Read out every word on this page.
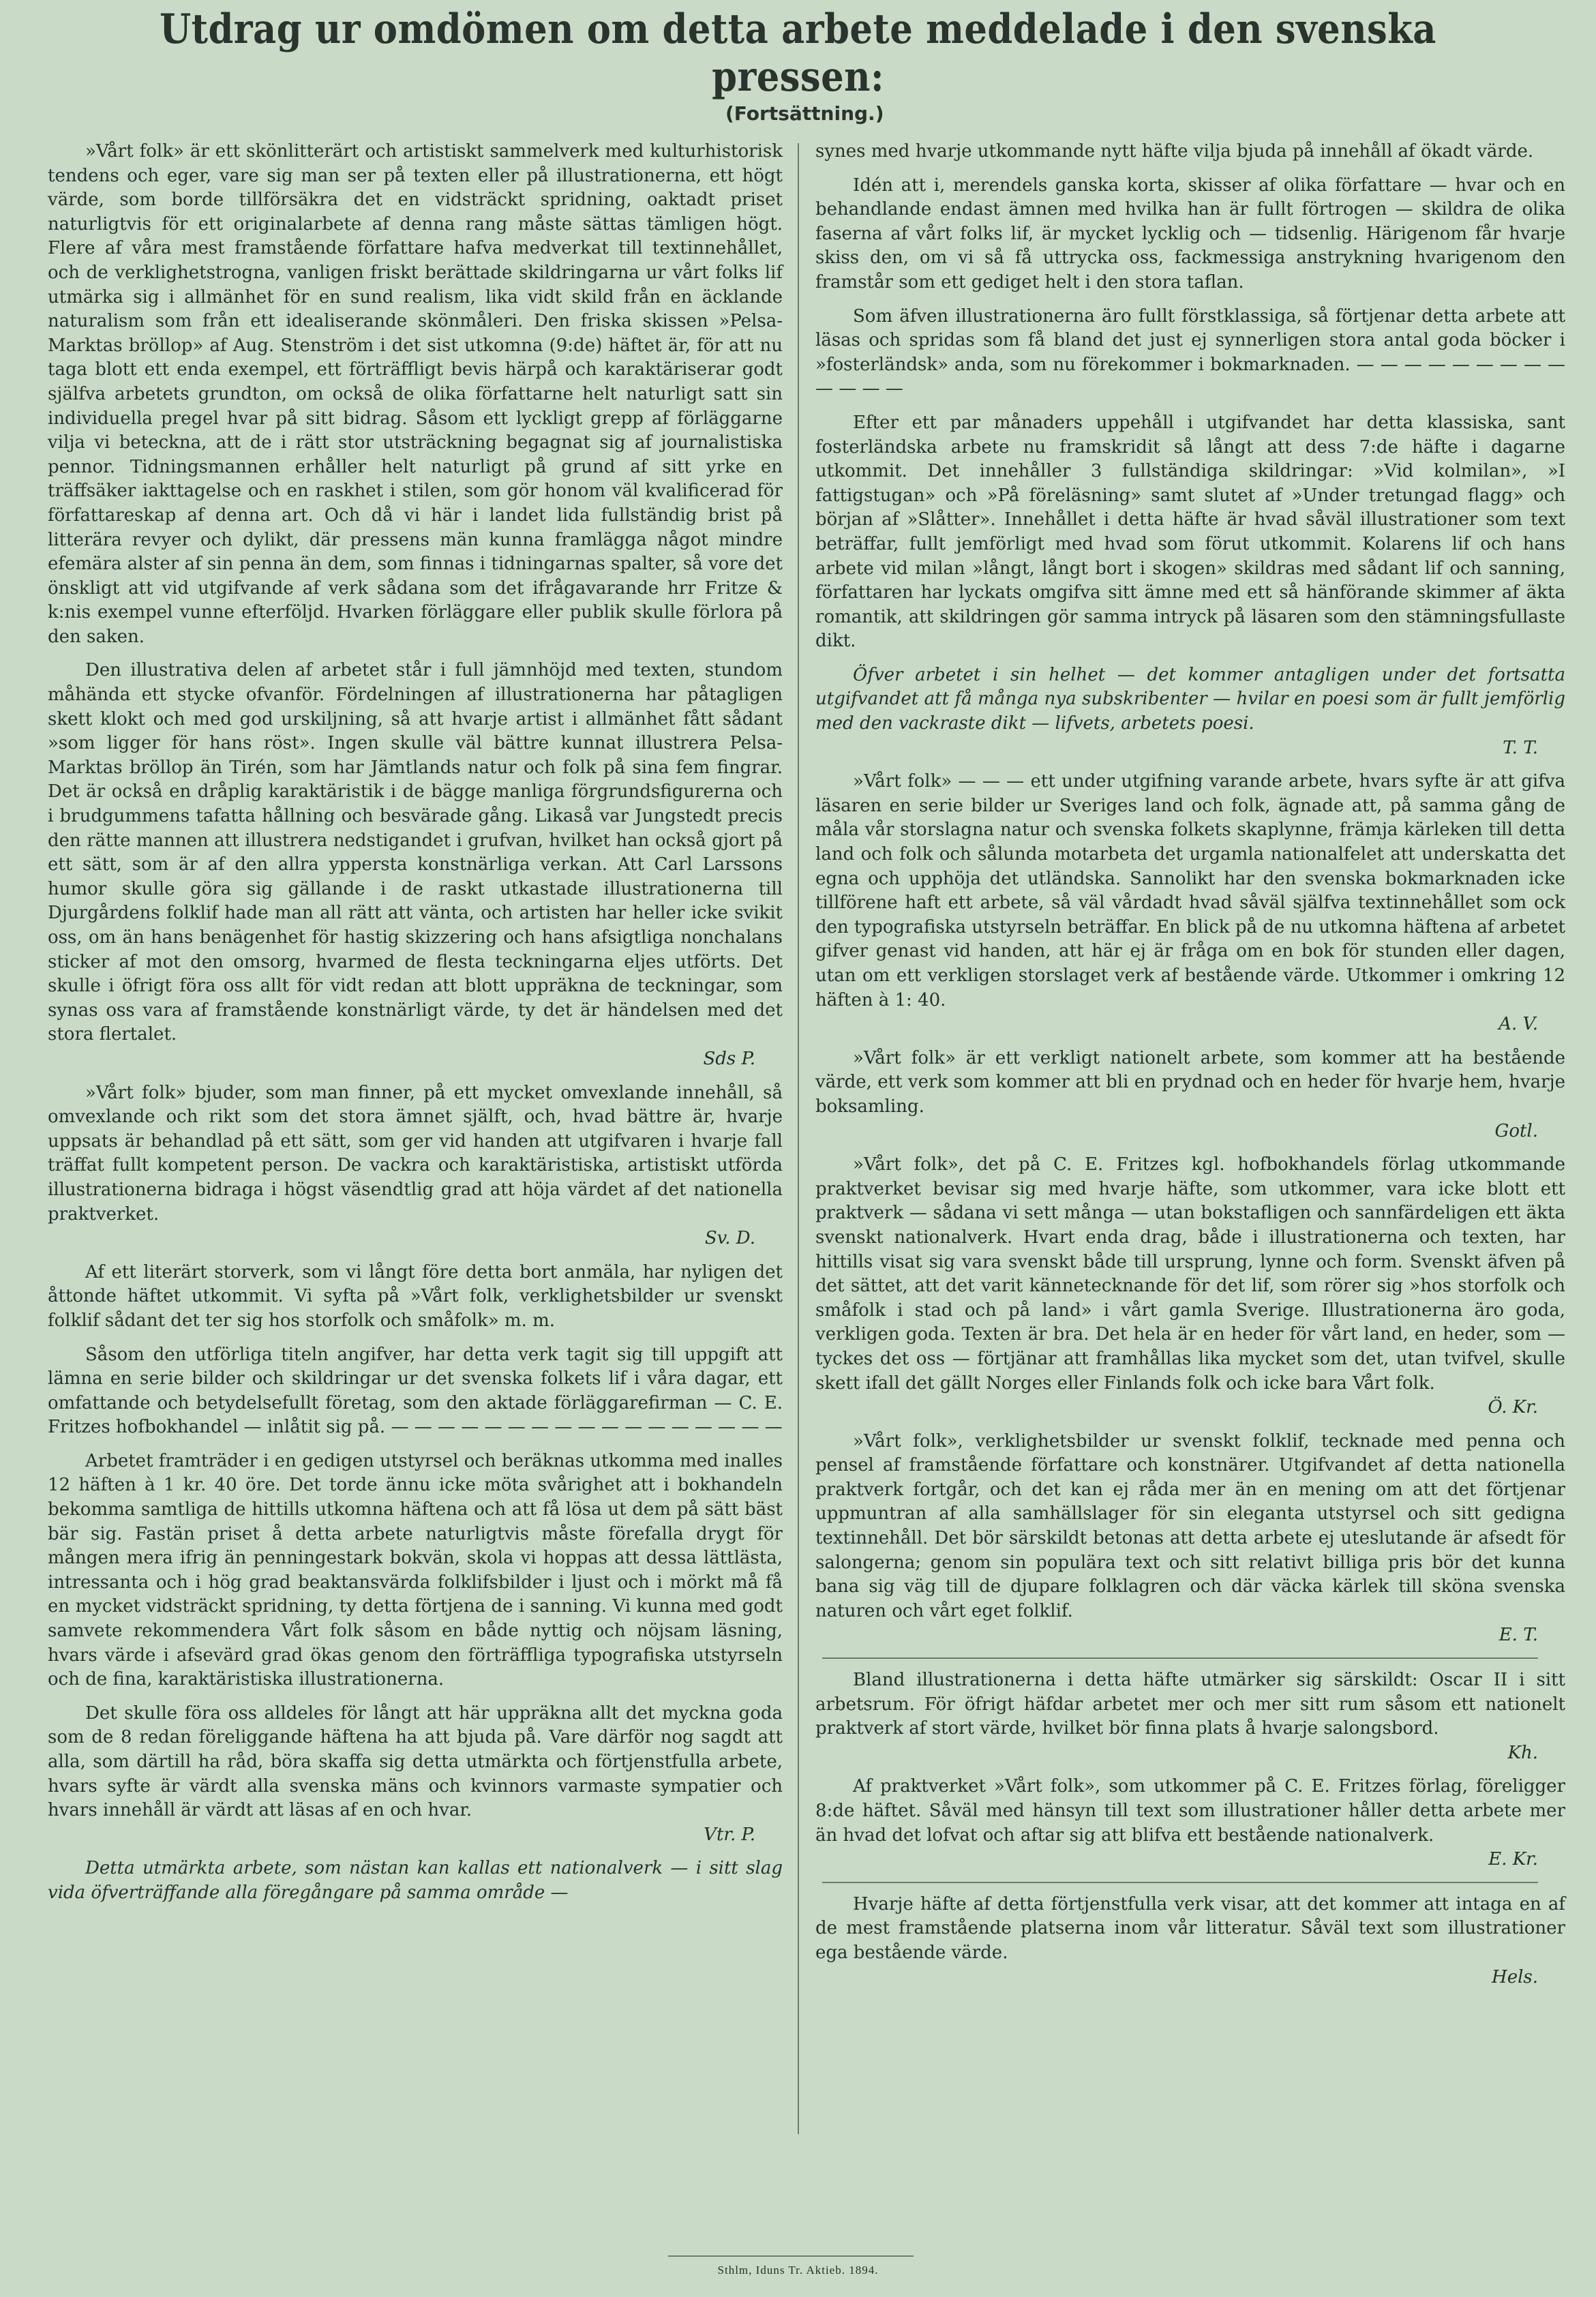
Utdrag ur omdömen om detta arbete meddelade i den svenska pressen:
(Fortsättning.)

»Vårt folk» är ett skönlitterärt och artistiskt sammelverk med kulturhistorisk tendens och eger, vare sig man ser på texten eller på illustrationerna, ett högt värde, som borde tillförsäkra det en vidsträckt spridning, oaktadt priset naturligtvis för ett originalarbete af denna rang måste sättas tämligen högt. Flere af våra mest framstående författare hafva medverkat till textinnehållet, och de verklighetstrogna, vanligen friskt berättade skildringarna ur vårt folks lif utmärka sig i allmänhet för en sund realism, lika vidt skild från en äcklande naturalism som från ett idealiserande skönmåleri. Den friska skissen »Pelsa-Marktas bröllop» af Aug. Stenström i det sist utkomna (9:de) häftet är, för att nu taga blott ett enda exempel, ett förträffligt bevis härpå och karaktäriserar godt själfva arbetets grundton, om också de olika författarne helt naturligt satt sin individuella pregel hvar på sitt bidrag. Såsom ett lyckligt grepp af förläggarne vilja vi beteckna, att de i rätt stor utsträckning begagnat sig af journalistiska pennor. Tidningsmannen erhåller helt naturligt på grund af sitt yrke en träffsäker iakttagelse och en raskhet i stilen, som gör honom väl kvalificerad för författareskap af denna art. Och då vi här i landet lida fullständig brist på litterära revyer och dylikt, där pressens män kunna framlägga något mindre efemära alster af sin penna än dem, som finnas i tidningarnas spalter, så vore det önskligt att vid utgifvande af verk sådana som det ifrågavarande hrr Fritze & k:nis exempel vunne efterföljd. Hvarken förläggare eller publik skulle förlora på den saken.

Den illustrativa delen af arbetet står i full jämnhöjd med texten, stundom måhända ett stycke ofvanför. Fördelningen af illustrationerna har påtagligen skett klokt och med god urskiljning, så att hvarje artist i allmänhet fått sådant »som ligger för hans röst». Ingen skulle väl bättre kunnat illustrera Pelsa-Marktas bröllop än Tirén, som har Jämtlands natur och folk på sina fem fingrar. Det är också en dråplig karaktäristik i de bägge manliga förgrundsfigurerna och i brudgummens tafatta hållning och besvärade gång. Likaså var Jungstedt precis den rätte mannen att illustrera nedstigandet i grufvan, hvilket han också gjort på ett sätt, som är af den allra yppersta konstnärliga verkan. Att Carl Larssons humor skulle göra sig gällande i de raskt utkastade illustrationerna till Djurgårdens folklif hade man all rätt att vänta, och artisten har heller icke svikit oss, om än hans benägenhet för hastig skizzering och hans afsigtliga nonchalans sticker af mot den omsorg, hvarmed de flesta teckningarna eljes utförts. Det skulle i öfrigt föra oss allt för vidt redan att blott uppräkna de teckningar, som synas oss vara af framstående konstnärligt värde, ty det är händelsen med det stora flertalet.
Sds P.

»Vårt folk» bjuder, som man finner, på ett mycket omvexlande innehåll, så omvexlande och rikt som det stora ämnet själft, och, hvad bättre är, hvarje uppsats är behandlad på ett sätt, som ger vid handen att utgifvaren i hvarje fall träffat fullt kompetent person. De vackra och karaktäristiska, artistiskt utförda illustrationerna bidraga i högst väsendtlig grad att höja värdet af det nationella praktverket.
Sv. D.

Af ett literärt storverk, som vi långt före detta bort anmäla, har nyligen det åttonde häftet utkommit. Vi syfta på »Vårt folk, verklighetsbilder ur svenskt folklif sådant det ter sig hos storfolk och småfolk» m. m.

Såsom den utförliga titeln angifver, har detta verk tagit sig till uppgift att lämna en serie bilder och skildringar ur det svenska folkets lif i våra dagar, ett omfattande och betydelsefullt företag, som den aktade förläggarefirman — C. E. Fritzes hofbokhandel — inlåtit sig på. — — — — — — — — — — — — — — — — —

Arbetet framträder i en gedigen utstyrsel och beräknas utkomma med inalles 12 häften à 1 kr. 40 öre. Det torde ännu icke möta svårighet att i bokhandeln bekomma samtliga de hittills utkomna häftena och att få lösa ut dem på sätt bäst bär sig. Fastän priset å detta arbete naturligtvis måste förefalla drygt för mången mera ifrig än penningestark bokvän, skola vi hoppas att dessa lättlästa, intressanta och i hög grad beaktansvärda folklifsbilder i ljust och i mörkt må få en mycket vidsträckt spridning, ty detta förtjena de i sanning. Vi kunna med godt samvete rekommendera Vårt folk såsom en både nyttig och nöjsam läsning, hvars värde i afsevärd grad ökas genom den förträffliga typografiska utstyrseln och de fina, karaktäristiska illustrationerna.

Det skulle föra oss alldeles för långt att här uppräkna allt det myckna goda som de 8 redan föreliggande häftena ha att bjuda på. Vare därför nog sagdt att alla, som därtill ha råd, böra skaffa sig detta utmärkta och förtjenstfulla arbete, hvars syfte är värdt alla svenska mäns och kvinnors varmaste sympatier och hvars innehåll är värdt att läsas af en och hvar.
Vtr. P.

Detta utmärkta arbete, som nästan kan kallas ett nationalverk — i sitt slag vida öfverträffande alla föregångare på samma område —

synes med hvarje utkommande nytt häfte vilja bjuda på innehåll af ökadt värde.

Idén att i, merendels ganska korta, skisser af olika författare — hvar och en behandlande endast ämnen med hvilka han är fullt förtrogen — skildra de olika faserna af vårt folks lif, är mycket lycklig och — tidsenlig. Härigenom får hvarje skiss den, om vi så få uttrycka oss, fackmessiga anstrykning hvarigenom den framstår som ett gediget helt i den stora taflan.

Som äfven illustrationerna äro fullt förstklassiga, så förtjenar detta arbete att läsas och spridas som få bland det just ej synnerligen stora antal goda böcker i »fosterländsk» anda, som nu förekommer i bokmarknaden. — — — — — — — — — — — — —

Efter ett par månaders uppehåll i utgifvandet har detta klassiska, sant fosterländska arbete nu framskridit så långt att dess 7:de häfte i dagarne utkommit. Det innehåller 3 fullständiga skildringar: »Vid kolmilan», »I fattigstugan» och »På föreläsning» samt slutet af »Under tretungad flagg» och början af »Slåtter». Innehållet i detta häfte är hvad såväl illustrationer som text beträffar, fullt jemförligt med hvad som förut utkommit. Kolarens lif och hans arbete vid milan »långt, långt bort i skogen» skildras med sådant lif och sanning, författaren har lyckats omgifva sitt ämne med ett så hänförande skimmer af äkta romantik, att skildringen gör samma intryck på läsaren som den stämningsfullaste dikt.

Öfver arbetet i sin helhet — det kommer antagligen under det fortsatta utgifvandet att få många nya subskribenter — hvilar en poesi som är fullt jemförlig med den vackraste dikt — lifvets, arbetets poesi.
T. T.

»Vårt folk» — — — ett under utgifning varande arbete, hvars syfte är att gifva läsaren en serie bilder ur Sveriges land och folk, ägnade att, på samma gång de måla vår storslagna natur och svenska folkets skaplynne, främja kärleken till detta land och folk och sålunda motarbeta det urgamla nationalfelet att underskatta det egna och upphöja det utländska. Sannolikt har den svenska bokmarknaden icke tillförene haft ett arbete, så väl vårdadt hvad såväl själfva textinnehållet som ock den typografiska utstyrseln beträffar. En blick på de nu utkomna häftena af arbetet gifver genast vid handen, att här ej är fråga om en bok för stunden eller dagen, utan om ett verkligen storslaget verk af bestående värde. Utkommer i omkring 12 häften à 1: 40.
A. V.

»Vårt folk» är ett verkligt nationelt arbete, som kommer att ha bestående värde, ett verk som kommer att bli en prydnad och en heder för hvarje hem, hvarje boksamling.
Gotl.

»Vårt folk», det på C. E. Fritzes kgl. hofbokhandels förlag utkommande praktverket bevisar sig med hvarje häfte, som utkommer, vara icke blott ett praktverk — sådana vi sett många — utan bokstafligen och sannfärdeligen ett äkta svenskt nationalverk. Hvart enda drag, både i illustrationerna och texten, har hittills visat sig vara svenskt både till ursprung, lynne och form. Svenskt äfven på det sättet, att det varit kännetecknande för det lif, som rörer sig »hos storfolk och småfolk i stad och på land» i vårt gamla Sverige. Illustrationerna äro goda, verkligen goda. Texten är bra. Det hela är en heder för vårt land, en heder, som — tyckes det oss — förtjänar att framhållas lika mycket som det, utan tvifvel, skulle skett ifall det gällt Norges eller Finlands folk och icke bara Vårt folk.
Ö. Kr.

»Vårt folk», verklighetsbilder ur svenskt folklif, tecknade med penna och pensel af framstående författare och konstnärer. Utgifvandet af detta nationella praktverk fortgår, och det kan ej råda mer än en mening om att det förtjenar uppmuntran af alla samhällslager för sin eleganta utstyrsel och sitt gedigna textinnehåll. Det bör särskildt betonas att detta arbete ej uteslutande är afsedt för salongerna; genom sin populära text och sitt relativt billiga pris bör det kunna bana sig väg till de djupare folklagren och där väcka kärlek till sköna svenska naturen och vårt eget folklif.
E. T.

Bland illustrationerna i detta häfte utmärker sig särskildt: Oscar II i sitt arbetsrum. För öfrigt häfdar arbetet mer och mer sitt rum såsom ett nationelt praktverk af stort värde, hvilket bör finna plats å hvarje salongsbord.
Kh.

Af praktverket »Vårt folk», som utkommer på C. E. Fritzes förlag, föreligger 8:de häftet. Såväl med hänsyn till text som illustrationer håller detta arbete mer än hvad det lofvat och aftar sig att blifva ett bestående nationalverk.
E. Kr.

Hvarje häfte af detta förtjenstfulla verk visar, att det kommer att intaga en af de mest framstående platserna inom vår litteratur. Såväl text som illustrationer ega bestående värde.
Hels.

Sthlm, Iduns Tr. Aktieb. 1894.
